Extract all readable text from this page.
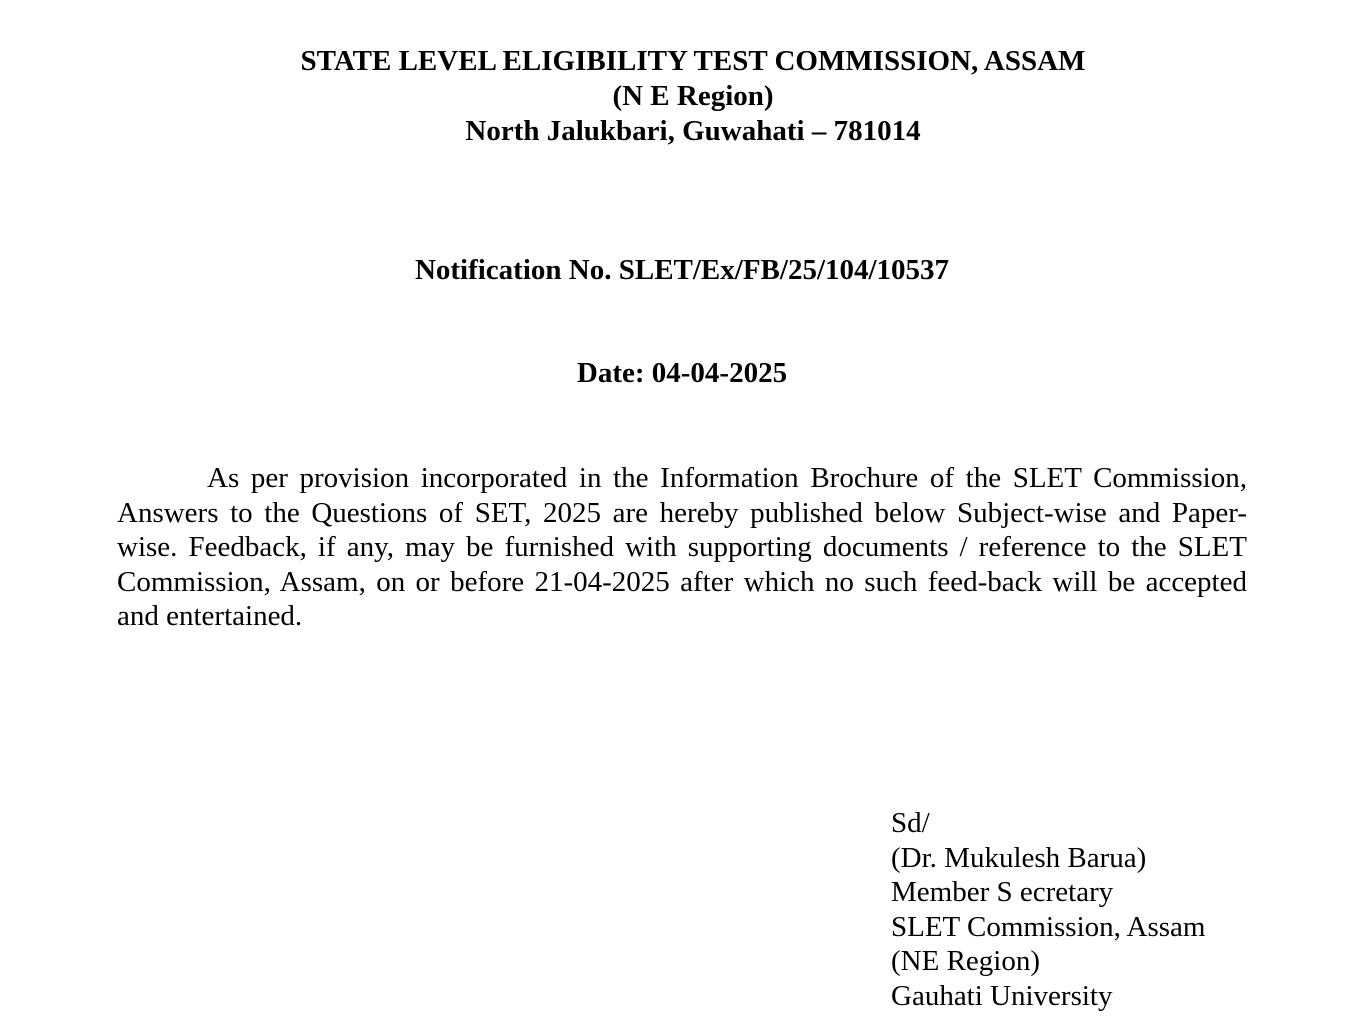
STATE LEVEL ELIGIBILITY TEST COMMISSION, ASSAM
(N E Region)
North Jalukbari, Guwahati – 781014
Notification No. SLET/Ex/FB/25/104/10537
Date: 04-04-2025

As per provision incorporated in the Information Brochure of the SLET Commission, Answers to the Questions of SET, 2025 are hereby published below Subject-wise and Paper-wise. Feedback, if any, may be furnished with supporting documents / reference to the SLET Commission, Assam, on or before 21-04-2025 after which no such feed-back will be accepted and entertained.

Sd/
(Dr. Mukulesh Barua)
Member S ecretary
SLET Commission, Assam
(NE Region)
Gauhati University
